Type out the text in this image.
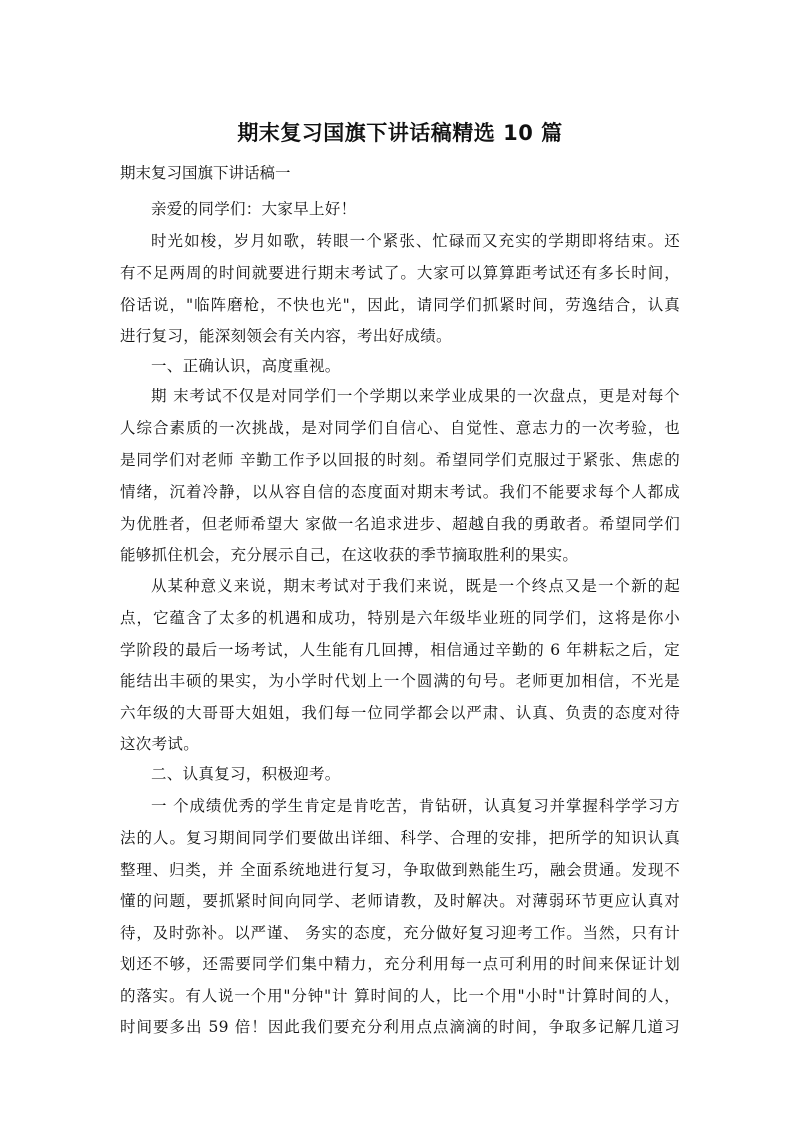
期末复习国旗下讲话稿精选 10 篇
期末复习国旗下讲话稿一
亲爱的同学们：大家早上好！
时光如梭，岁月如歌，转眼一个紧张、忙碌而又充实的学期即将结束。还
有不足两周的时间就要进行期末考试了。大家可以算算距考试还有多长时间，
俗话说，"临阵磨枪，不快也光"，因此，请同学们抓紧时间，劳逸结合，认真
进行复习，能深刻领会有关内容，考出好成绩。
一、正确认识，高度重视。
期 末考试不仅是对同学们一个学期以来学业成果的一次盘点，更是对每个
人综合素质的一次挑战，是对同学们自信心、自觉性、意志力的一次考验，也
是同学们对老师 辛勤工作予以回报的时刻。希望同学们克服过于紧张、焦虑的
情绪，沉着冷静，以从容自信的态度面对期末考试。我们不能要求每个人都成
为优胜者，但老师希望大 家做一名追求进步、超越自我的勇敢者。希望同学们
能够抓住机会，充分展示自己，在这收获的季节摘取胜利的果实。
从某种意义来说，期末考试对于我们来说，既是一个终点又是一个新的起
点，它蕴含了太多的机遇和成功，特别是六年级毕业班的同学们，这将是你小
学阶段的最后一场考试，人生能有几回搏，相信通过辛勤的 6 年耕耘之后，定
能结出丰硕的果实，为小学时代划上一个圆满的句号。老师更加相信，不光是
六年级的大哥哥大姐姐，我们每一位同学都会以严肃、认真、负责的态度对待
这次考试。
二、认真复习，积极迎考。
一 个成绩优秀的学生肯定是肯吃苦，肯钻研，认真复习并掌握科学学习方
法的人。复习期间同学们要做出详细、科学、合理的安排，把所学的知识认真
整理、归类，并 全面系统地进行复习，争取做到熟能生巧，融会贯通。发现不
懂的问题，要抓紧时间向同学、老师请教，及时解决。对薄弱环节更应认真对
待，及时弥补。以严谨、 务实的态度，充分做好复习迎考工作。当然，只有计
划还不够，还需要同学们集中精力，充分利用每一点可利用的时间来保证计划
的落实。有人说一个用"分钟"计 算时间的人，比一个用"小时"计算时间的人，
时间要多出 59 倍！因此我们要充分利用点点滴滴的时间，争取多记解几道习
